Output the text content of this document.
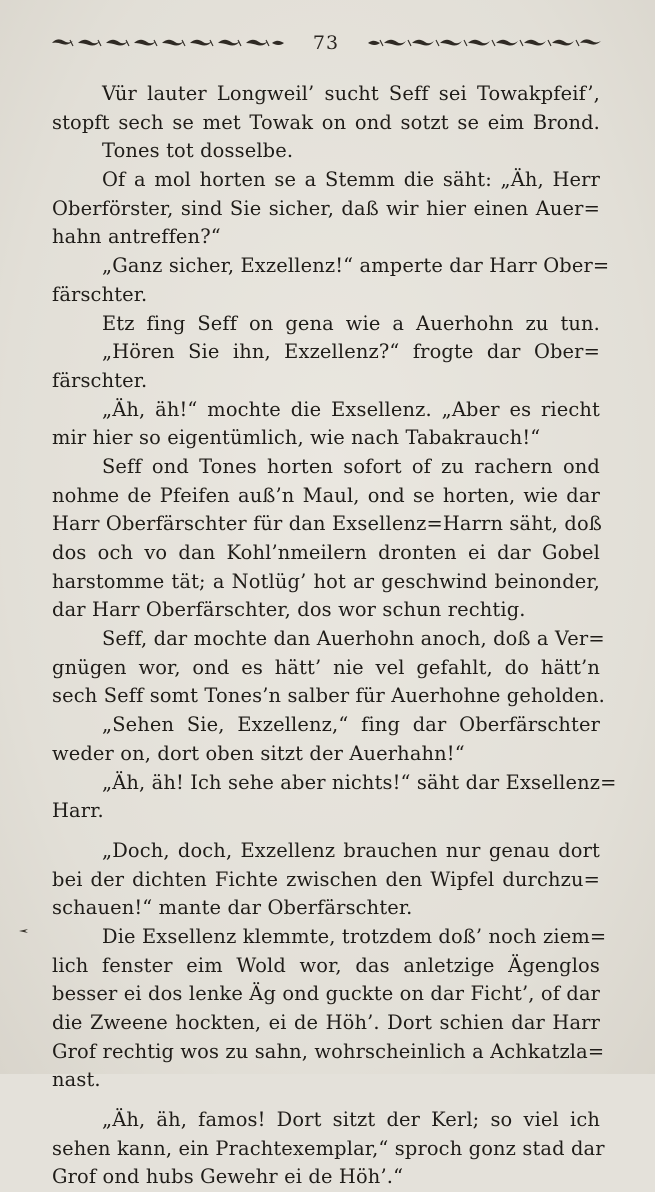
73
Vür lauter Longweil’ sucht Seff sei Towakpfeif’,
stopft sech se met Towak on ond sotzt se eim Brond.
Tones tot dosselbe.
Of a mol horten se a Stemm die säht: „Äh, Herr
Oberförster, sind Sie sicher, daß wir hier einen Auer=
hahn antreffen?“
„Ganz sicher, Exzellenz!“ amperte dar Harr Ober=
färschter.
Etz fing Seff on gena wie a Auerhohn zu tun.
„Hören Sie ihn, Exzellenz?“ frogte dar Ober=
färschter.
„Äh, äh!“ mochte die Exsellenz. „Aber es riecht
mir hier so eigentümlich, wie nach Tabakrauch!“
Seff ond Tones horten sofort of zu rachern ond
nohme de Pfeifen auß’n Maul, ond se horten, wie dar
Harr Oberfärschter für dan Exsellenz=Harrn säht, doß
dos och vo dan Kohl’nmeilern dronten ei dar Gobel
harstomme tät; a Notlüg’ hot ar geschwind beinonder,
dar Harr Oberfärschter, dos wor schun rechtig.
Seff, dar mochte dan Auerhohn anoch, doß a Ver=
gnügen wor, ond es hätt’ nie vel gefahlt, do hätt’n
sech Seff somt Tones’n salber für Auerhohne geholden.
„Sehen Sie, Exzellenz,“ fing dar Oberfärschter
weder on, dort oben sitzt der Auerhahn!“
„Äh, äh! Ich sehe aber nichts!“ säht dar Exsellenz=
Harr.
„Doch, doch, Exzellenz brauchen nur genau dort
bei der dichten Fichte zwischen den Wipfel durchzu=
schauen!“ mante dar Oberfärschter.
Die Exsellenz klemmte, trotzdem doß’ noch ziem=
lich fenster eim Wold wor, das anletzige Ägenglos
besser ei dos lenke Äg ond guckte on dar Ficht’, of dar
die Zweene hockten, ei de Höh’. Dort schien dar Harr
Grof rechtig wos zu sahn, wohrscheinlich a Achkatzla=
nast.
„Äh, äh, famos! Dort sitzt der Kerl; so viel ich
sehen kann, ein Prachtexemplar,“ sproch gonz stad dar
Grof ond hubs Gewehr ei de Höh’.“
